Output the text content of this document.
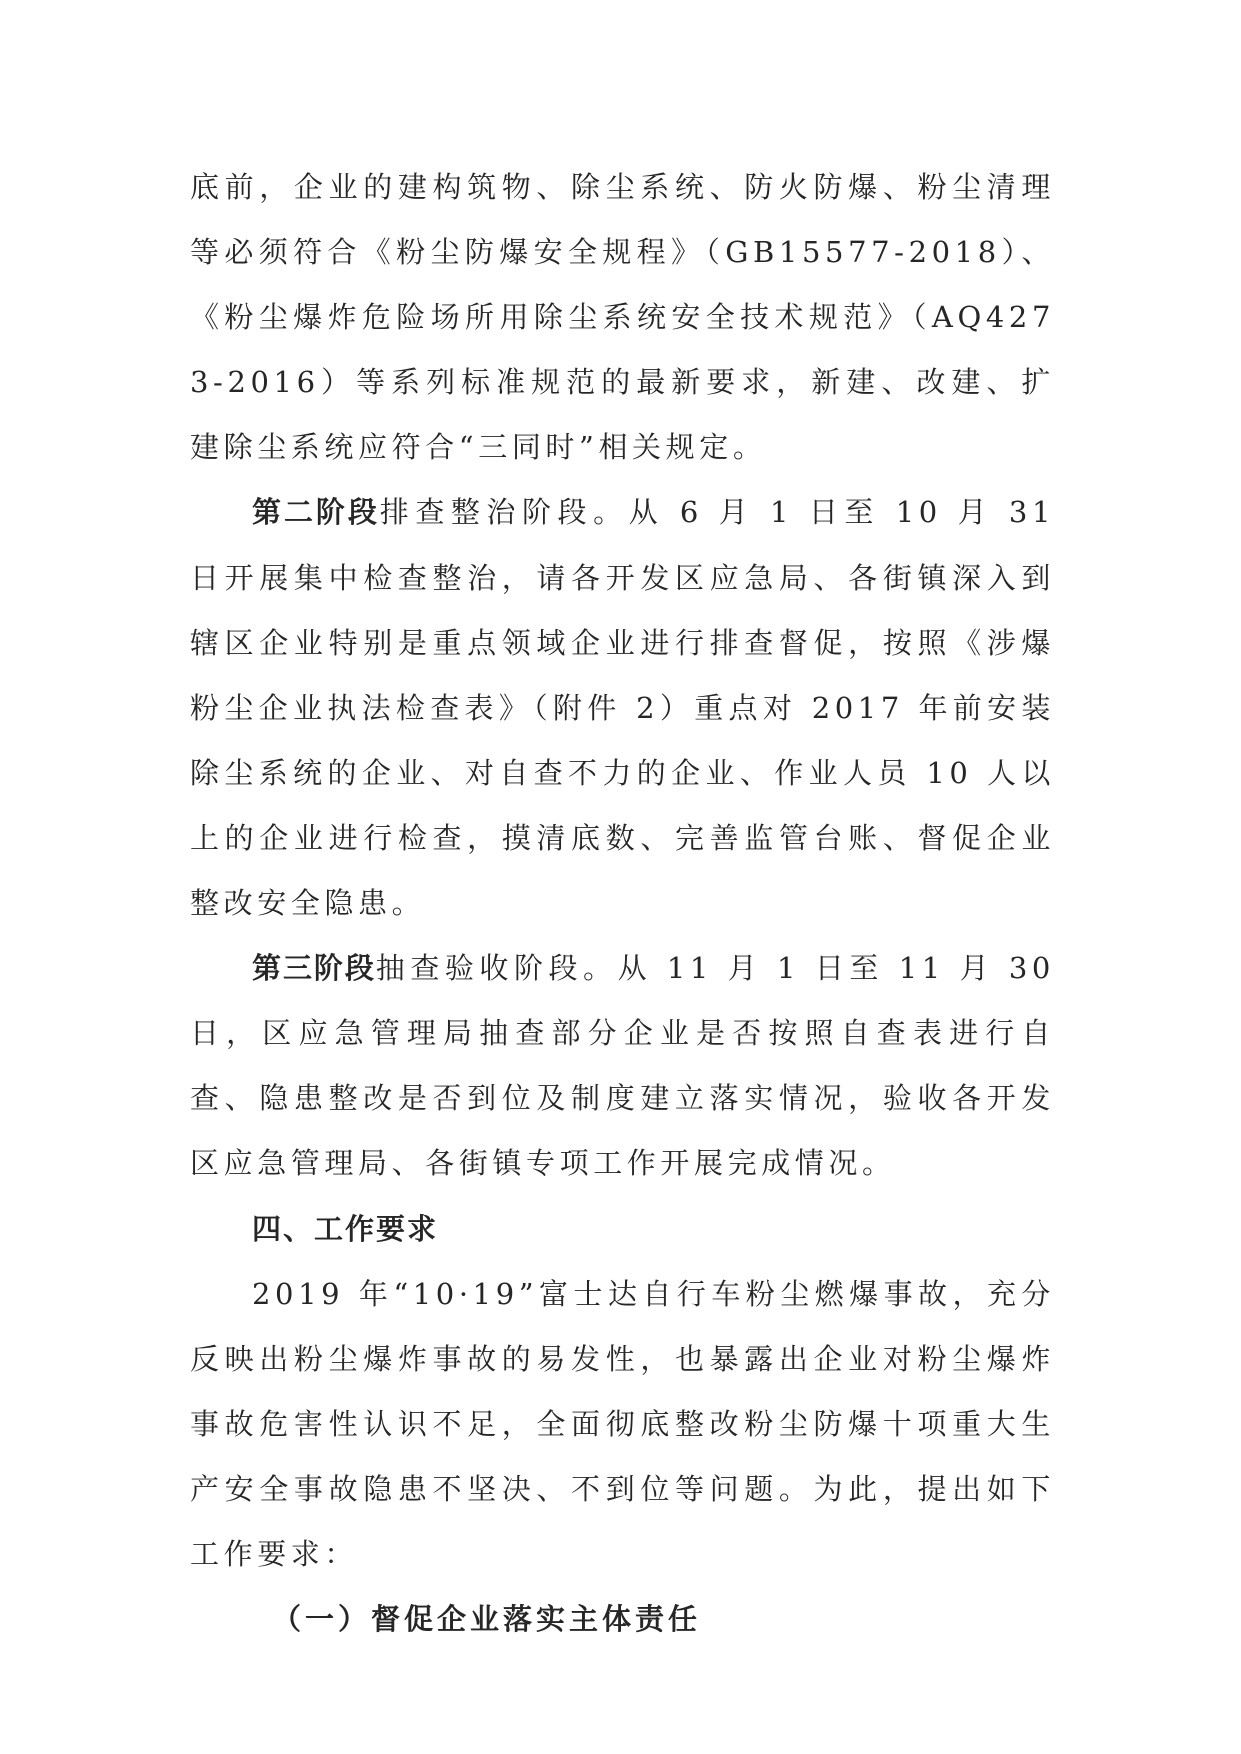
底前，企业的建构筑物、除尘系统、防火防爆、粉尘清理等必须符合《粉尘防爆安全规程》（GB15577-2018）、《粉尘爆炸危险场所用除尘系统安全技术规范》（AQ4273-2016）等系列标准规范的最新要求，新建、改建、扩建除尘系统应符合“三同时”相关规定。

第二阶段排查整治阶段。从 6 月 1 日至 10 月 31 日开展集中检查整治，请各开发区应急局、各街镇深入到辖区企业特别是重点领域企业进行排查督促，按照《涉爆粉尘企业执法检查表》（附件 2）重点对 2017 年前安装除尘系统的企业、对自查不力的企业、作业人员 10 人以上的企业进行检查，摸清底数、完善监管台账、督促企业整改安全隐患。

第三阶段抽查验收阶段。从 11 月 1 日至 11 月 30 日，区应急管理局抽查部分企业是否按照自查表进行自查、隐患整改是否到位及制度建立落实情况，验收各开发区应急管理局、各街镇专项工作开展完成情况。

四、工作要求

2019 年“10·19”富士达自行车粉尘燃爆事故，充分反映出粉尘爆炸事故的易发性，也暴露出企业对粉尘爆炸事故危害性认识不足，全面彻底整改粉尘防爆十项重大生产安全事故隐患不坚决、不到位等问题。为此，提出如下工作要求：

（一）督促企业落实主体责任
